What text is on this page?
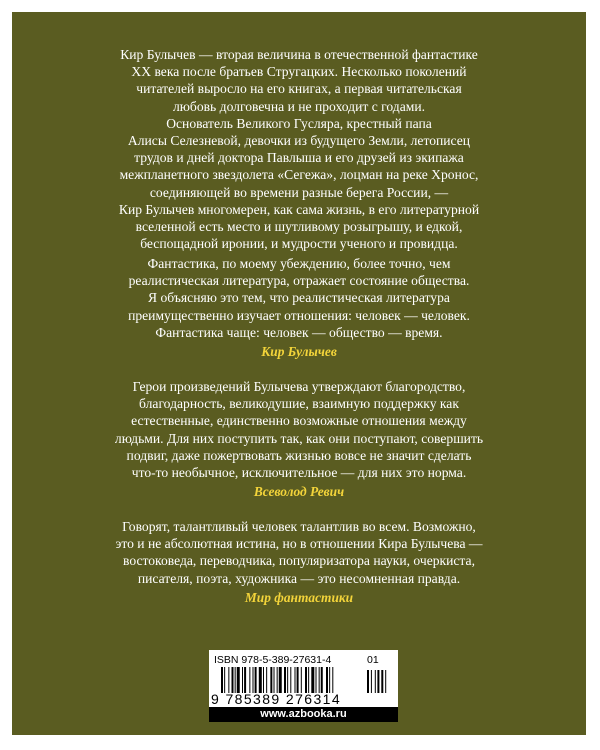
Кир Булычев — вторая величина в отечественной фантастике
XX века после братьев Стругацких. Несколько поколений
читателей выросло на его книгах, а первая читательская
любовь долговечна и не проходит с годами.
Основатель Великого Гусляра, крестный папа
Алисы Селезневой, девочки из будущего Земли, летописец
трудов и дней доктора Павлыша и его друзей из экипажа
межпланетного звездолета «Сегежа», лоцман на реке Хронос,
соединяющей во времени разные берега России, —
Кир Булычев многомерен, как сама жизнь, в его литературной
вселенной есть место и шутливому розыгрышу, и едкой,
беспощадной иронии, и мудрости ученого и провидца.
Фантастика, по моему убеждению, более точно, чем
реалистическая литература, отражает состояние общества.
Я объясняю это тем, что реалистическая литература
преимущественно изучает отношения: человек — человек.
Фантастика чаще: человек — общество — время.
Кир Булычев
Герои произведений Булычева утверждают благородство,
благодарность, великодушие, взаимную поддержку как
естественные, единственно возможные отношения между
людьми. Для них поступить так, как они поступают, совершить
подвиг, даже пожертвовать жизнью вовсе не значит сделать
что-то необычное, исключительное — для них это норма.
Всеволод Ревич
Говорят, талантливый человек талантлив во всем. Возможно,
это и не абсолютная истина, но в отношении Кира Булычева —
востоковеда, переводчика, популяризатора науки, очеркиста,
писателя, поэта, художника — это несомненная правда.
Мир фантастики
ISBN 978-5-389-27631-4	01
9 785389 276314
www.azbooka.ru
